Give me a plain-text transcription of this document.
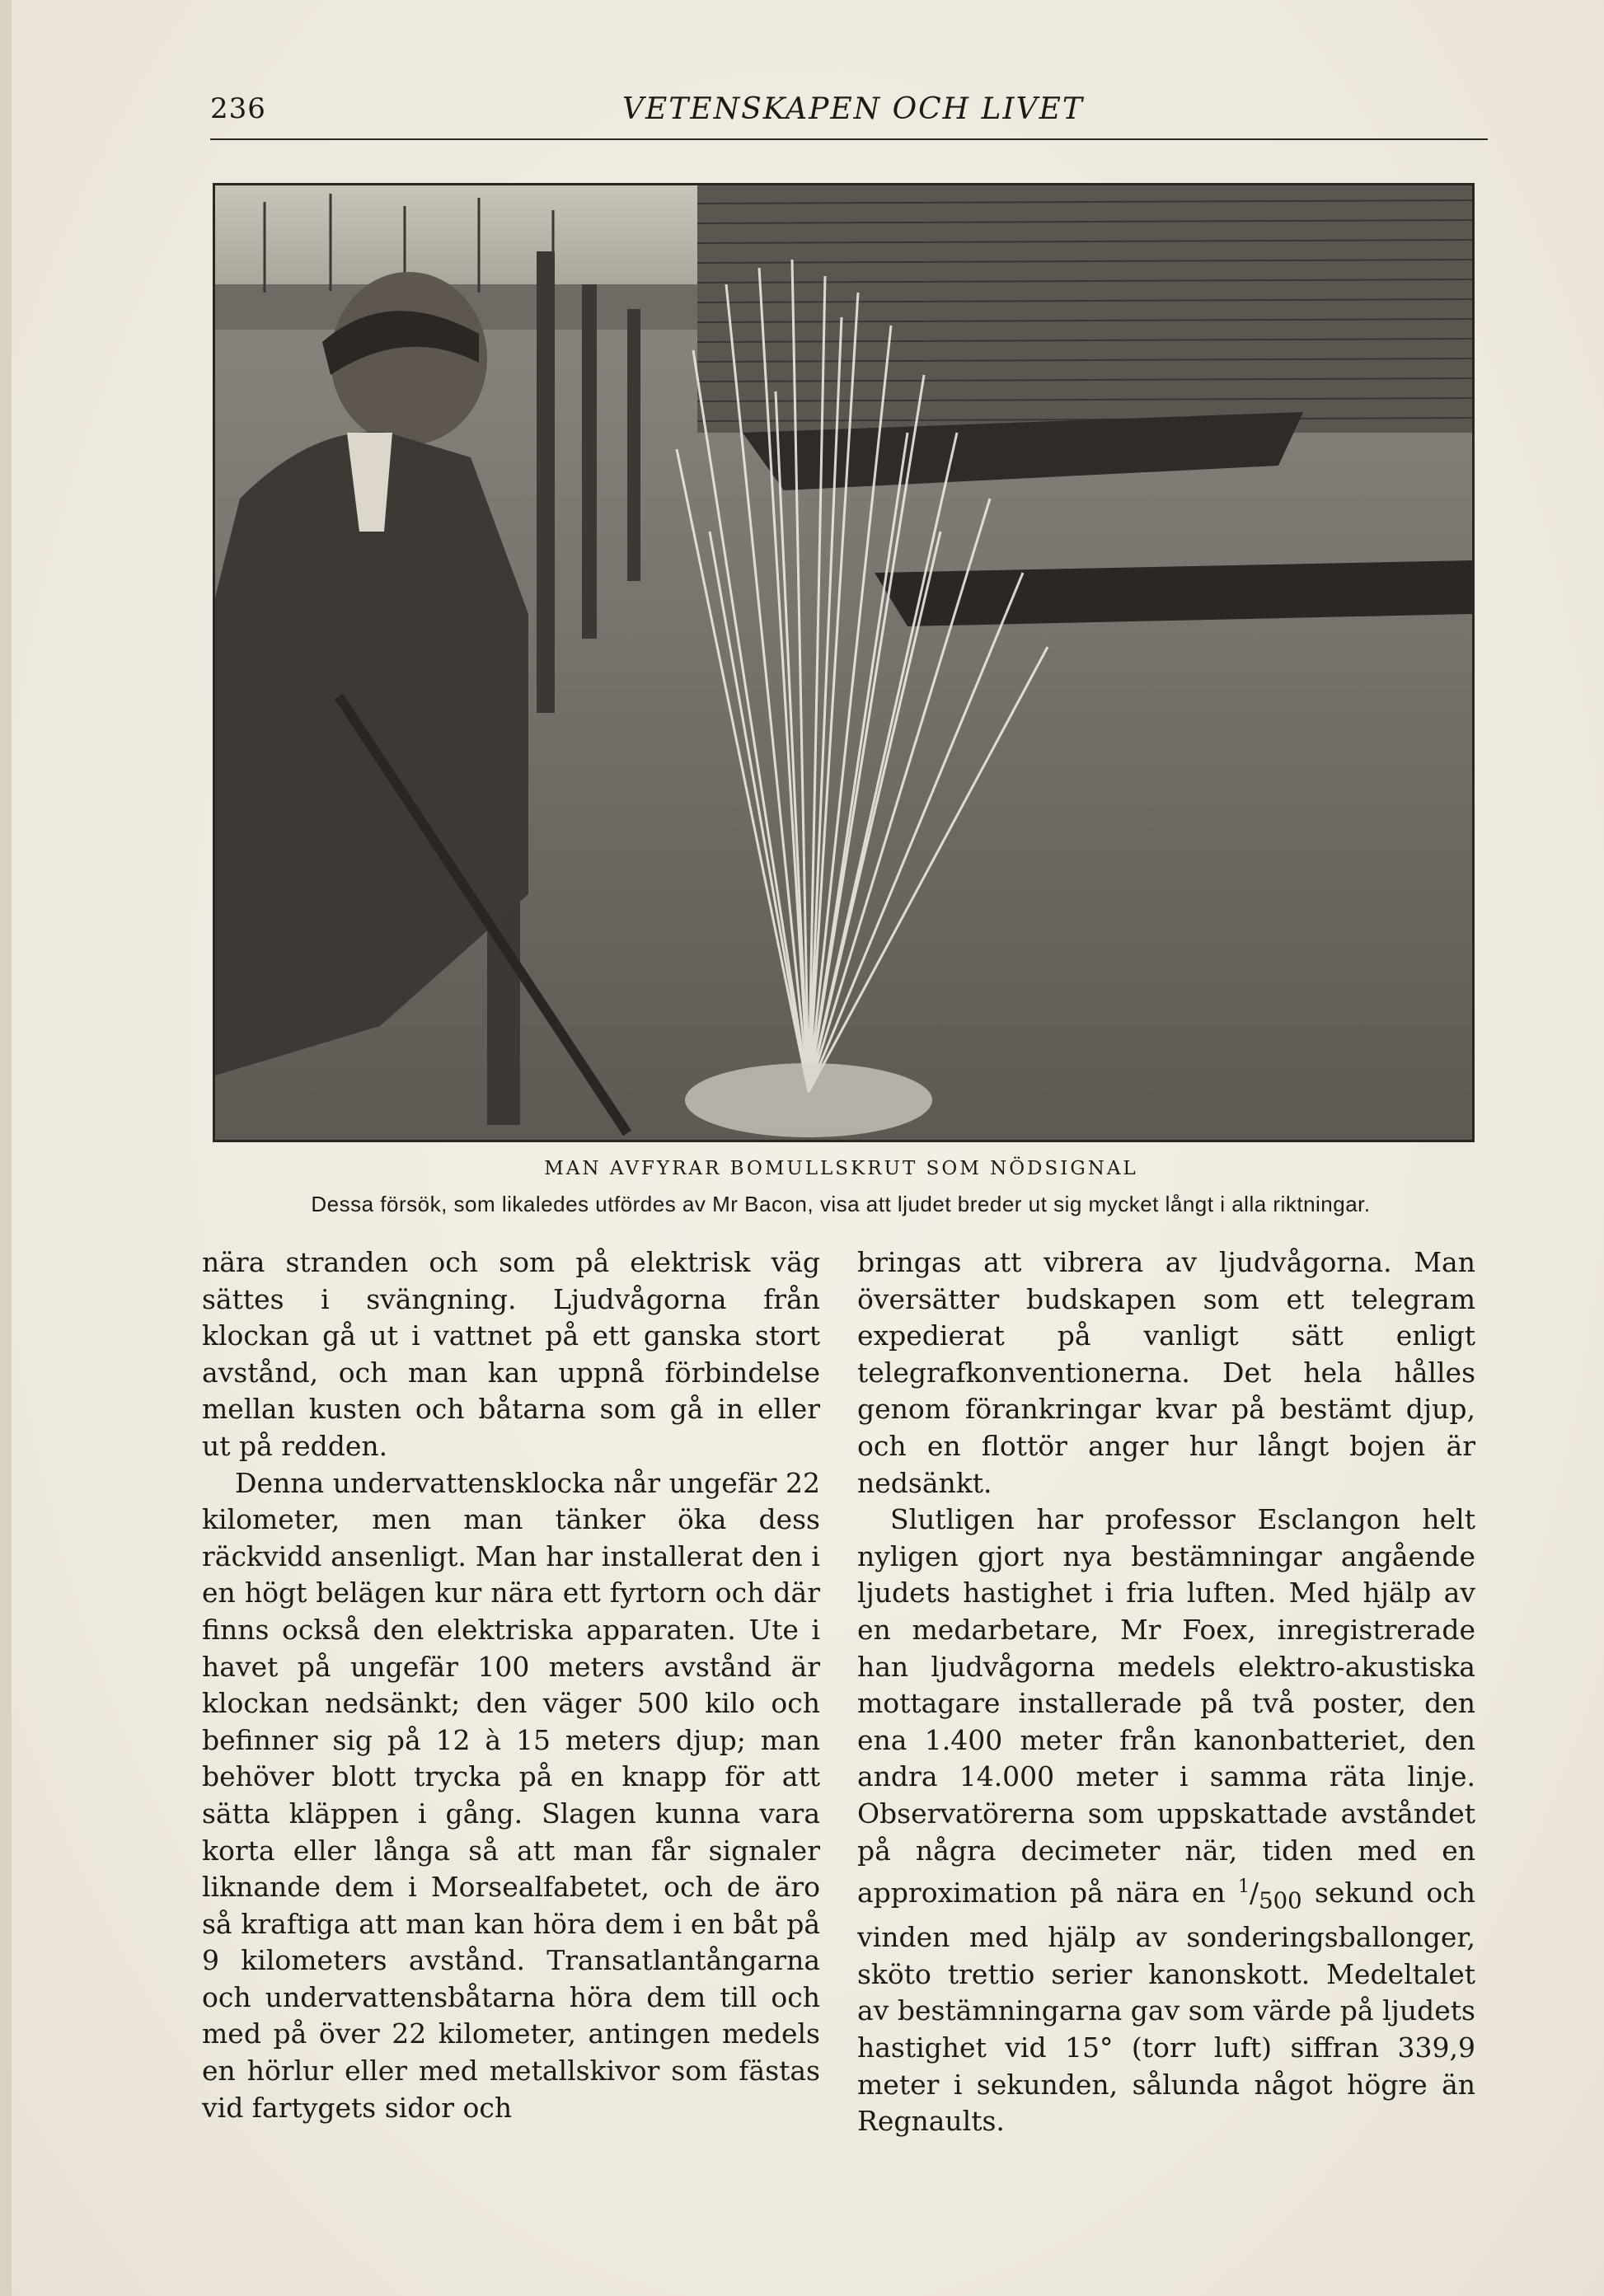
236	VETENSKAPEN OCH LIVET
MAN AVFYRAR BOMULLSKRUT SOM NÖDSIGNAL
Dessa försök, som likaledes utfördes av Mr Bacon, visa att ljudet breder ut sig mycket långt i alla riktningar.

nära stranden och som på elektrisk väg sättes i svängning. Ljudvågorna från klockan gå ut i vattnet på ett ganska stort avstånd, och man kan uppnå förbindelse mellan kusten och båtarna som gå in eller ut på redden.

Denna undervattensklocka når ungefär 22 kilometer, men man tänker öka dess räckvidd ansenligt. Man har installerat den i en högt belägen kur nära ett fyrtorn och där finns också den elektriska apparaten. Ute i havet på ungefär 100 meters avstånd är klockan nedsänkt; den väger 500 kilo och befinner sig på 12 à 15 meters djup; man behöver blott trycka på en knapp för att sätta kläppen i gång. Slagen kunna vara korta eller långa så att man får signaler liknande dem i Morsealfabetet, och de äro så kraftiga att man kan höra dem i en båt på 9 kilometers avstånd. Transatlantångarna och undervattensbåtarna höra dem till och med på över 22 kilometer, antingen medels en hörlur eller med metallskivor som fästas vid fartygets sidor och

bringas att vibrera av ljudvågorna. Man översätter budskapen som ett telegram expedierat på vanligt sätt enligt telegrafkonventionerna. Det hela hålles genom förankringar kvar på bestämt djup, och en flottör anger hur långt bojen är nedsänkt.

Slutligen har professor Esclangon helt nyligen gjort nya bestämningar angående ljudets hastighet i fria luften. Med hjälp av en medarbetare, Mr Foex, inregistrerade han ljudvågorna medels elektro-akustiska mottagare installerade på två poster, den ena 1.400 meter från kanonbatteriet, den andra 14.000 meter i samma räta linje. Observatörerna som uppskattade avståndet på några decimeter när, tiden med en approximation på nära en $^1/_{500}$ sekund och vinden med hjälp av sonderingsballonger, sköto trettio serier kanonskott. Medeltalet av bestämningarna gav som värde på ljudets hastighet vid 15° (torr luft) siffran 339,9 meter i sekunden, sålunda något högre än Regnaults.
